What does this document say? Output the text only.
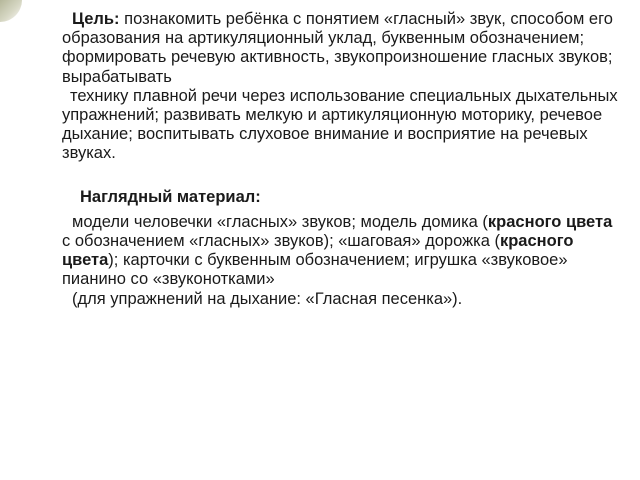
Цель: познакомить ребёнка с понятием «гласный» звук, способом его образования на артикуляционный уклад, буквенным обозначением; формировать речевую активность, звукопроизношение гласных звуков; вырабатывать

технику плавной речи через использование специальных дыхательных упражнений; развивать мелкую и артикуляционную моторику, речевое дыхание; воспитывать слуховое внимание и восприятие на речевых звуках.

Наглядный материал:

модели человечки «гласных» звуков; модель домика (красного цвета с обозначением «гласных» звуков); «шаговая» дорожка (красного цвета); карточки с буквенным обозначением; игрушка «звуковое» пианино со «звуконотками»

(для упражнений на дыхание: «Гласная песенка»).
